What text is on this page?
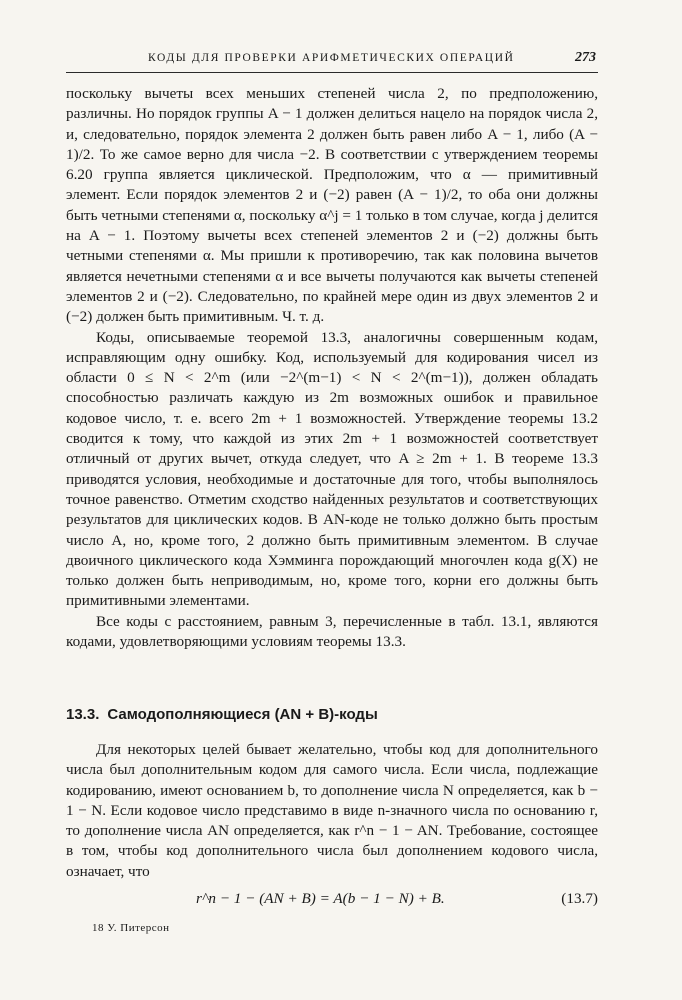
КОДЫ ДЛЯ ПРОВЕРКИ АРИФМЕТИЧЕСКИХ ОПЕРАЦИЙ	273

поскольку вычеты всех меньших степеней числа 2, по предположению, различны. Но порядок группы A − 1 должен делиться нацело на порядок числа 2, и, следовательно, порядок элемента 2 должен быть равен либо A − 1, либо (A − 1)/2. То же самое верно для числа −2. В соответствии с утверждением теоремы 6.20 группа является циклической. Предположим, что α — примитивный элемент. Если порядок элементов 2 и (−2) равен (A − 1)/2, то оба они должны быть четными степенями α, поскольку α^j = 1 только в том случае, когда j делится на A − 1. Поэтому вычеты всех степеней элементов 2 и (−2) должны быть четными степенями α. Мы пришли к противоречию, так как половина вычетов является нечетными степенями α и все вычеты получаются как вычеты степеней элементов 2 и (−2). Следовательно, по крайней мере один из двух элементов 2 и (−2) должен быть примитивным. Ч. т. д.

Коды, описываемые теоремой 13.3, аналогичны совершенным кодам, исправляющим одну ошибку. Код, используемый для кодирования чисел из области 0 ≤ N < 2^m (или −2^(m−1) < N < 2^(m−1)), должен обладать способностью различать каждую из 2m возможных ошибок и правильное кодовое число, т. е. всего 2m + 1 возможностей. Утверждение теоремы 13.2 сводится к тому, что каждой из этих 2m + 1 возможностей соответствует отличный от других вычет, откуда следует, что A ≥ 2m + 1. В теореме 13.3 приводятся условия, необходимые и достаточные для того, чтобы выполнялось точное равенство. Отметим сходство найденных результатов и соответствующих результатов для циклических кодов. В AN-коде не только должно быть простым число A, но, кроме того, 2 должно быть примитивным элементом. В случае двоичного циклического кода Хэмминга порождающий многочлен кода g(X) не только должен быть неприводимым, но, кроме того, корни его должны быть примитивными элементами.

Все коды с расстоянием, равным 3, перечисленные в табл. 13.1, являются кодами, удовлетворяющими условиям теоремы 13.3.

13.3. Самодополняющиеся (AN + B)-коды

Для некоторых целей бывает желательно, чтобы код для дополнительного числа был дополнительным кодом для самого числа. Если числа, подлежащие кодированию, имеют основанием b, то дополнение числа N определяется, как b − 1 − N. Если кодовое число представимо в виде n-значного числа по основанию r, то дополнение числа AN определяется, как r^n − 1 − AN. Требование, состоящее в том, чтобы код дополнительного числа был дополнением кодового числа, означает, что

r^n − 1 − (AN + B) = A(b − 1 − N) + B.	(13.7)
18 У. Питерсон
